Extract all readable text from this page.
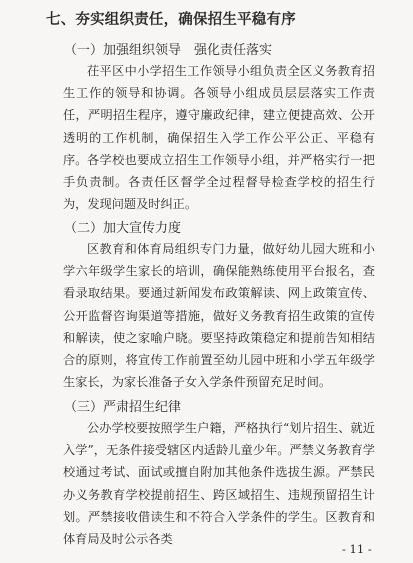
七、夯实组织责任，确保招生平稳有序
（一）加强组织领导　强化责任落实

茌平区中小学招生工作领导小组负责全区义务教育招生工作的领导和协调。各领导小组成员层层落实工作责任，严明招生程序，遵守廉政纪律，建立便捷高效、公开透明的工作机制，确保招生入学工作公平公正、平稳有序。 各学校也要成立招生工作领导小组，并严格实行一把手负责制。各责任区督学全过程督导检查学校的招生行为，发现问题及时纠正。

（二）加大宣传力度

区教育和体育局组织专门力量，做好幼儿园大班和小学六年级学生家长的培训，确保能熟练使用平台报名，查看录取结果。要通过新闻发布政策解读、网上政策宣传、公开监督咨询渠道等措施，做好义务教育招生政策的宣传和解读，使之家喻户晓。要坚持政策稳定和提前告知相结合的原则，将宣传工作前置至幼儿园中班和小学五年级学生家长，为家长准备子女入学条件预留充足时间。

（三）严肃招生纪律

公办学校要按照学生户籍，严格执行“划片招生、就近入学”，无条件接受辖区内适龄儿童少年。严禁义务教育学校通过考试、面试或擅自附加其他条件选拔生源。严禁民办义务教育学校提前招生、跨区域招生、违规预留招生计划。严禁接收借读生和不符合入学条件的学生。区教育和体育局及时公示各类

- 11 -
